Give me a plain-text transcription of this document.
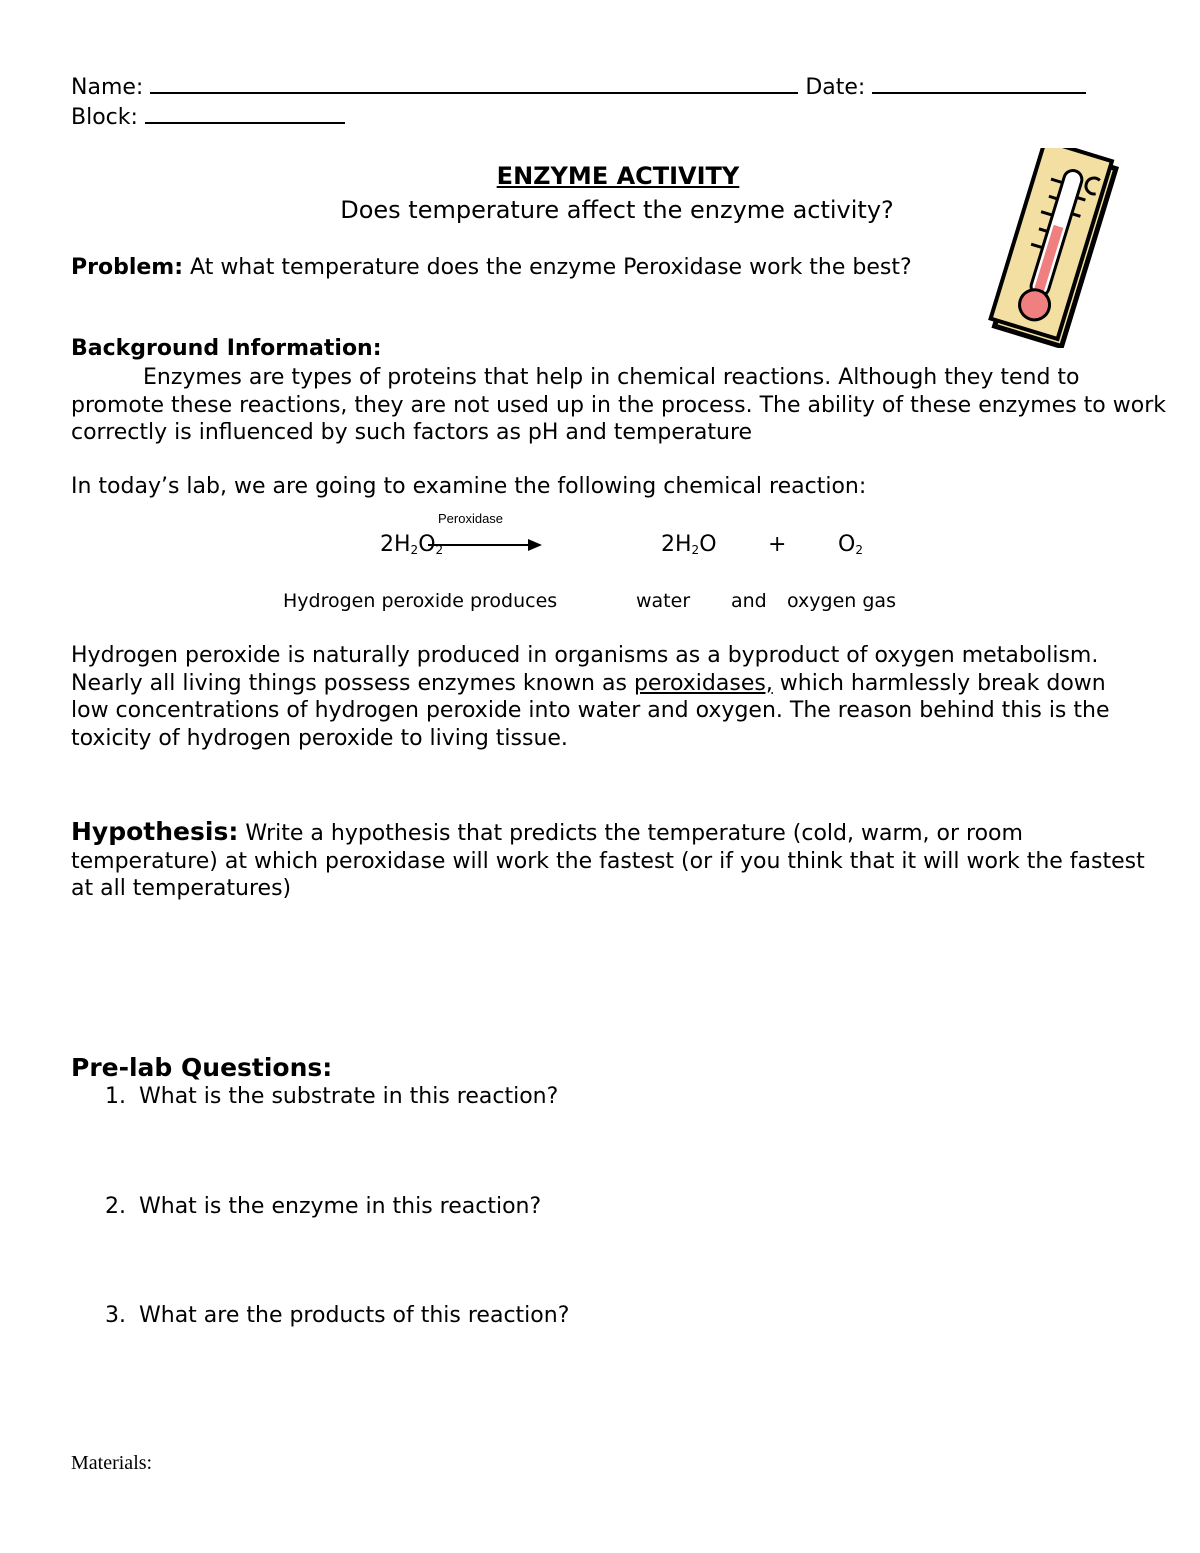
Name:	Date:
Block:
ENZYME ACTIVITY
Does temperature affect the enzyme activity?
Problem: At what temperature does the enzyme Peroxidase work the best?
Background Information:

Enzymes are types of proteins that help in chemical reactions. Although they tend to promote these reactions, they are not used up in the process. The ability of these enzymes to work correctly is influenced by such factors as pH and temperature

In today’s lab, we are going to examine the following chemical reaction:
Peroxidase
$2H_2O_2$	$2H_2O + O_2$
Hydrogen peroxide produces	water and oxygen gas

Hydrogen peroxide is naturally produced in organisms as a byproduct of oxygen metabolism. Nearly all living things possess enzymes known as peroxidases, which harmlessly break down low concentrations of hydrogen peroxide into water and oxygen. The reason behind this is the toxicity of hydrogen peroxide to living tissue.

Hypothesis: Write a hypothesis that predicts the temperature (cold, warm, or room temperature) at which peroxidase will work the fastest (or if you think that it will work the fastest at all temperatures)

Pre-lab Questions:
1. What is the substrate in this reaction?
2. What is the enzyme in this reaction?
3. What are the products of this reaction?
Materials:
